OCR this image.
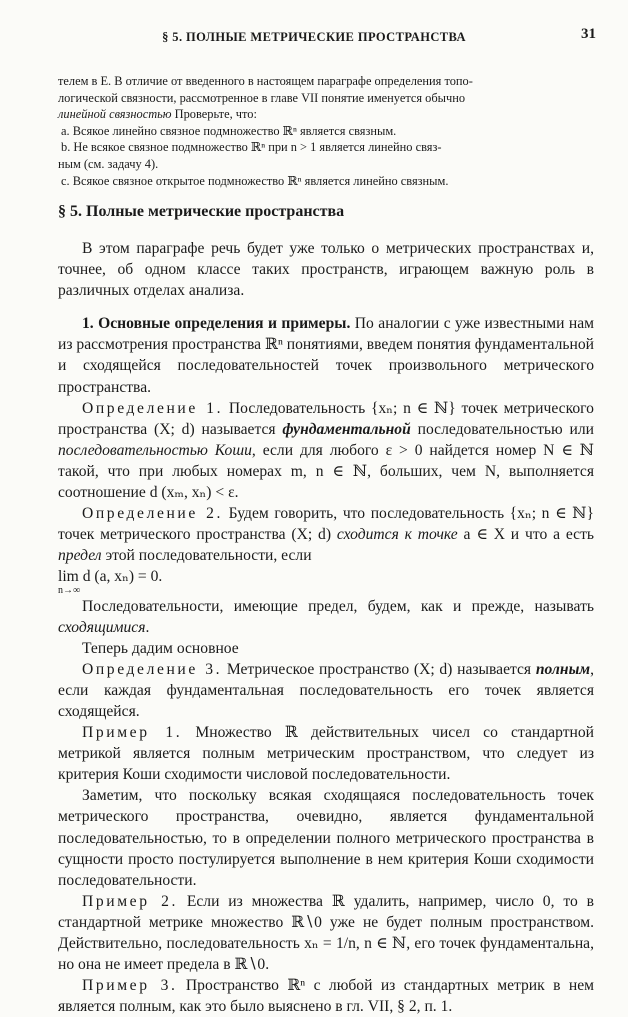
§ 5. ПОЛНЫЕ МЕТРИЧЕСКИЕ ПРОСТРАНСТВА	31

телем в E. В отличие от введенного в настоящем параграфе определения топо-

логической связности, рассмотренное в главе VII понятие именуется обычно

линейной связностью Проверьте, что:

a. Всякое линейно связное подмножество ℝⁿ является связным.

b. Не всякое связное подмножество ℝⁿ при n > 1 является линейно связ-

ным (см. задачу 4).

c. Всякое связное открытое подмножество ℝⁿ является линейно связным.

§ 5. Полные метрические пространства

В этом параграфе речь будет уже только о метрических пространствах и, точнее, об одном классе таких пространств, играющем важную роль в различных отделах анализа.

1. Основные определения и примеры. По аналогии с уже известными нам из рассмотрения пространства ℝⁿ понятиями, введем понятия фундаментальной и сходящейся последовательностей точек произвольного метрического пространства.

Определение 1. Последовательность {xₙ; n ∈ ℕ} точек метрического пространства (X; d) называется фундаментальной последовательностью или последовательностью Коши, если для любого ε > 0 найдется номер N ∈ ℕ такой, что при любых номерах m, n ∈ ℕ, больших, чем N, выполняется соотношение d (xₘ, xₙ) < ε.

Определение 2. Будем говорить, что последовательность {xₙ; n ∈ ℕ} точек метрического пространства (X; d) сходится к точке a ∈ X и что a есть предел этой последовательности, если

lim d (a, xₙ) = 0.
n→∞

Последовательности, имеющие предел, будем, как и прежде, называть сходящимися.

Теперь дадим основное

Определение 3. Метрическое пространство (X; d) называется полным, если каждая фундаментальная последовательность его точек является сходящейся.

Пример 1. Множество ℝ действительных чисел со стандартной метрикой является полным метрическим пространством, что следует из критерия Коши сходимости числовой последовательности.

Заметим, что поскольку всякая сходящаяся последовательность точек метрического пространства, очевидно, является фундаментальной последовательностью, то в определении полного метрического пространства в сущности просто постулируется выполнение в нем критерия Коши сходимости последовательности.

Пример 2. Если из множества ℝ удалить, например, число 0, то в стандартной метрике множество ℝ∖0 уже не будет полным пространством. Действительно, последовательность xₙ = 1/n, n ∈ ℕ, его точек фундаментальна, но она не имеет предела в ℝ∖0.

Пример 3. Пространство ℝⁿ с любой из стандартных метрик в нем является полным, как это было выяснено в гл. VII, § 2, п. 1.
